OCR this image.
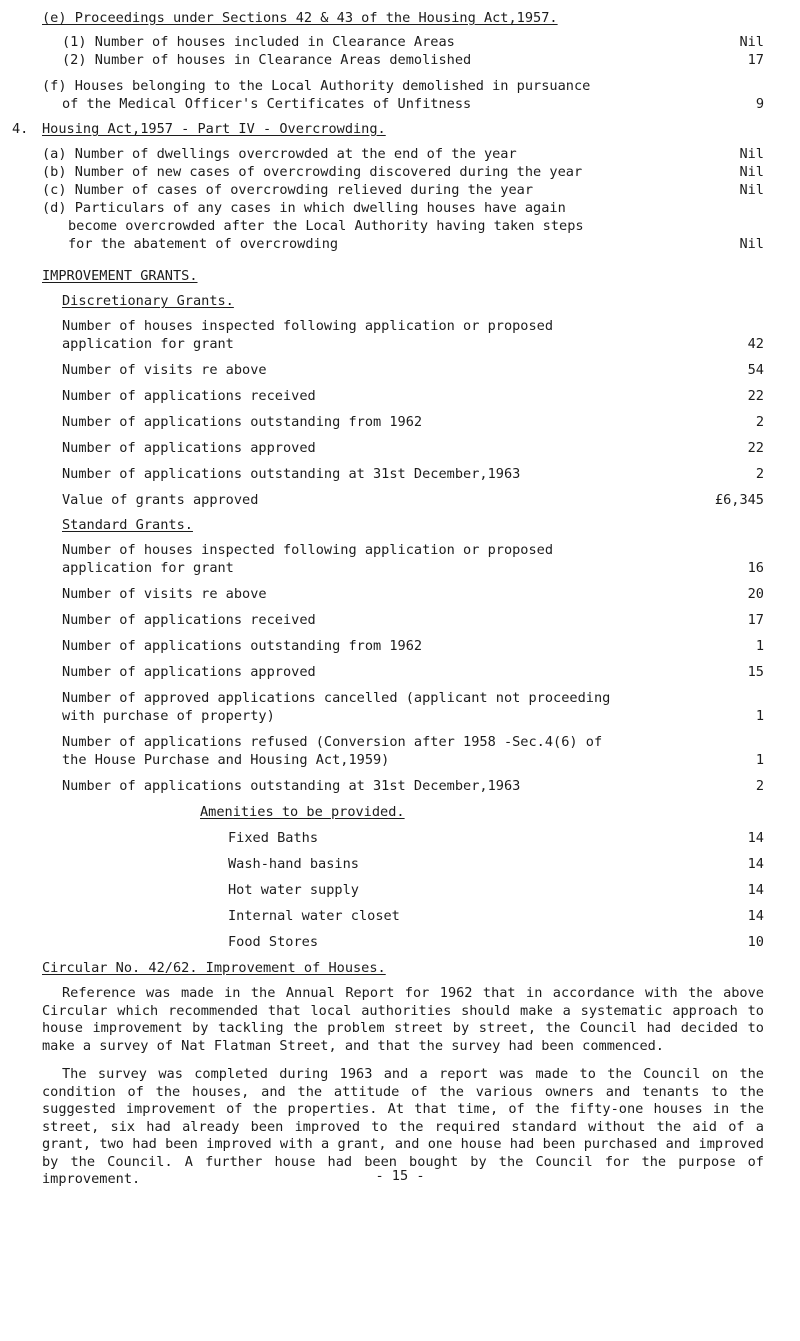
(e) Proceedings under Sections 42 & 43 of the Housing Act,1957.
(1) Number of houses included in Clearance Areas	Nil
(2) Number of houses in Clearance Areas demolished	17
(f) Houses belonging to the Local Authority demolished in pursuance
of the Medical Officer's Certificates of Unfitness	9
4. Housing Act,1957 - Part IV - Overcrowding.
(a) Number of dwellings overcrowded at the end of the year	Nil
(b) Number of new cases of overcrowding discovered during the year	Nil
(c) Number of cases of overcrowding relieved during the year	Nil
(d) Particulars of any cases in which dwelling houses have again
become overcrowded after the Local Authority having taken steps
for the abatement of overcrowding	Nil
IMPROVEMENT GRANTS.
Discretionary Grants.
Number of houses inspected following application or proposed
application for grant	42
Number of visits re above	54
Number of applications received	22
Number of applications outstanding from 1962	2
Number of applications approved	22
Number of applications outstanding at 31st December,1963	2
Value of grants approved	£6,345
Standard Grants.
Number of houses inspected following application or proposed
application for grant	16
Number of visits re above	20
Number of applications received	17
Number of applications outstanding from 1962	1
Number of applications approved	15
Number of approved applications cancelled (applicant not proceeding
with purchase of property)	1
Number of applications refused (Conversion after 1958 -Sec.4(6) of
the House Purchase and Housing Act,1959)	1
Number of applications outstanding at 31st December,1963	2
Amenities to be provided.
Fixed Baths	14
Wash-hand basins	14
Hot water supply	14
Internal water closet	14
Food Stores	10
Circular No. 42/62. Improvement of Houses.
Reference was made in the Annual Report for 1962 that in accordance with the above Circular which recommended that local authorities should make a systematic approach to house improvement by tackling the problem street by street, the Council had decided to make a survey of Nat Flatman Street, and that the survey had been commenced.
The survey was completed during 1963 and a report was made to the Council on the condition of the houses, and the attitude of the various owners and tenants to the suggested improvement of the properties. At that time, of the fifty-one houses in the street, six had already been improved to the required standard without the aid of a grant, two had been improved with a grant, and one house had been purchased and improved by the Council. A further house had been bought by the Council for the purpose of improvement.	- 15 -
